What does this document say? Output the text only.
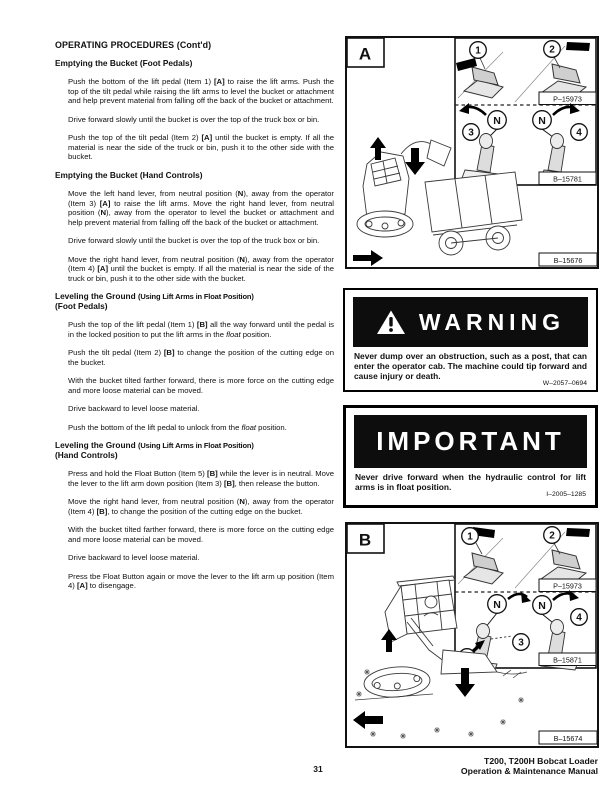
OPERATING PROCEDURES (Cont'd)
Emptying the Bucket (Foot Pedals)

Push the bottom of the lift pedal (Item 1) [A] to raise the lift arms. Push the top of the tilt pedal while raising the lift arms to level the bucket or attachment and help prevent material from falling off the back of the bucket or attachment.

Drive forward slowly until the bucket is over the top of the truck box or bin.

Push the top of the tilt pedal (Item 2) [A] until the bucket is empty. If all the material is near the side of the truck or bin, push it to the other side with the bucket.

Emptying the Bucket (Hand Controls)

Move the left hand lever, from neutral position (N), away from the operator (Item 3) [A] to raise the lift arms. Move the right hand lever, from neutral position (N), away from the operator to level the bucket or attachment and help prevent material from falling off the back of the bucket or attachment.

Drive forward slowly until the bucket is over the top of the truck box or bin.

Move the right hand lever, from neutral position (N), away from the operator (Item 4) [A] until the bucket is empty. If all the material is near the side of the truck or bin, push it to the other side with the bucket.

Leveling the Ground (Using Lift Arms in Float Position)
(Foot Pedals)

Push the top of the lift pedal (Item 1) [B] all the way forward until the pedal is in the locked position to put the lift arms in the float position.

Push the tilt pedal (Item 2) [B] to change the position of the cutting edge on the bucket.

With the bucket tilted farther forward, there is more force on the cutting edge and more loose material can be moved.

Drive backward to level loose material.

Push the bottom of the lift pedal to unlock from the float position.

Leveling the Ground (Using Lift Arms in Float Position)
(Hand Controls)

Press and hold the Float Button (Item 5) [B] while the lever is in neutral. Move the lever to the lift arm down position (Item 3) [B], then release the button.

Move the right hand lever, from neutral position (N), away from the operator (Item 4) [B], to change the position of the cutting edge on the bucket.

With the bucket tilted farther forward, there is more force on the cutting edge and more loose material can be moved.

Drive backward to level loose material.

Press tbe Float Button again or move the lever to the lift arm up position (Item 4) [A] to disengage.

A	1	2
P–15973
N	N
3	4
B–15781
B–15676
WARNING
Never dump over an obstruction, such as a post, that can enter the operator cab. The machine could tip forward and cause injury or death.
W–2057–0694
IMPORTANT
Never drive forward when the hydraulic control for lift arms is in float position.
I–2005–1285
B	1	2
P–15973
N	N
3
4
B–15871
B–15674
31
T200, T200H Bobcat Loader
Operation & Maintenance Manual
